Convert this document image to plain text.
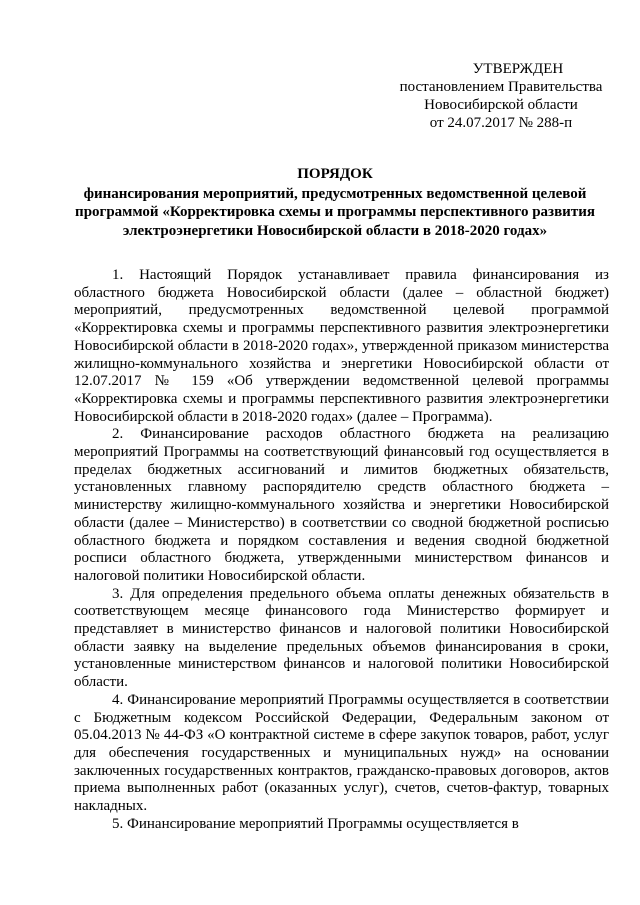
УТВЕРЖДЕН
постановлением Правительства
Новосибирской области
от 24.07.2017 № 288-п
ПОРЯДОК
финансирования мероприятий, предусмотренных ведомственной целевой
программой «Корректировка схемы и программы перспективного развития
электроэнергетики Новосибирской области в 2018-2020 годах»

1. Настоящий Порядок устанавливает правила финансирования из областного бюджета Новосибирской области (далее – областной бюджет) мероприятий, предусмотренных ведомственной целевой программой «Корректировка схемы и программы перспективного развития электроэнергетики Новосибирской области в 2018-2020 годах», утвержденной приказом министерства жилищно-коммунального хозяйства и энергетики Новосибирской области от 12.07.2017 № 159 «Об утверждении ведомственной целевой программы «Корректировка схемы и программы перспективного развития электроэнергетики Новосибирской области в 2018-2020 годах» (далее – Программа).

2. Финансирование расходов областного бюджета на реализацию мероприятий Программы на соответствующий финансовый год осуществляется в пределах бюджетных ассигнований и лимитов бюджетных обязательств, установленных главному распорядителю средств областного бюджета – министерству жилищно-коммунального хозяйства и энергетики Новосибирской области (далее – Министерство) в соответствии со сводной бюджетной росписью областного бюджета и порядком составления и ведения сводной бюджетной росписи областного бюджета, утвержденными министерством финансов и налоговой политики Новосибирской области.

3. Для определения предельного объема оплаты денежных обязательств в соответствующем месяце финансового года Министерство формирует и представляет в министерство финансов и налоговой политики Новосибирской области заявку на выделение предельных объемов финансирования в сроки, установленные министерством финансов и налоговой политики Новосибирской области.

4. Финансирование мероприятий Программы осуществляется в соответствии с Бюджетным кодексом Российской Федерации, Федеральным законом от 05.04.2013 № 44-ФЗ «О контрактной системе в сфере закупок товаров, работ, услуг для обеспечения государственных и муниципальных нужд» на основании заключенных государственных контрактов, гражданско-правовых договоров, актов приема выполненных работ (оказанных услуг), счетов, счетов-фактур, товарных накладных.

5. Финансирование мероприятий Программы осуществляется в
